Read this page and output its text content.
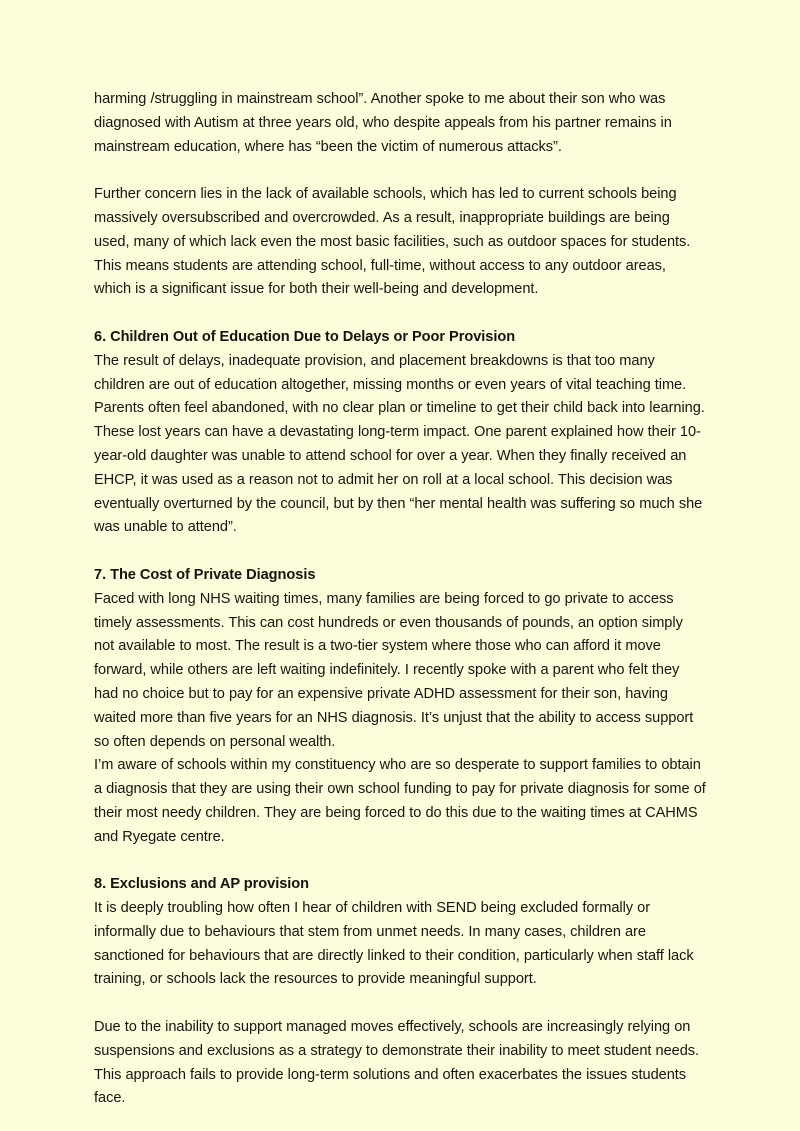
harming /struggling in mainstream school”. Another spoke to me about their son who was diagnosed with Autism at three years old, who despite appeals from his partner remains in mainstream education, where has “been the victim of numerous attacks”.

Further concern lies in the lack of available schools, which has led to current schools being massively oversubscribed and overcrowded. As a result, inappropriate buildings are being used, many of which lack even the most basic facilities, such as outdoor spaces for students. This means students are attending school, full-time, without access to any outdoor areas, which is a significant issue for both their well-being and development.

6. Children Out of Education Due to Delays or Poor Provision

The result of delays, inadequate provision, and placement breakdowns is that too many children are out of education altogether, missing months or even years of vital teaching time. Parents often feel abandoned, with no clear plan or timeline to get their child back into learning. These lost years can have a devastating long-term impact. One parent explained how their 10-year-old daughter was unable to attend school for over a year. When they finally received an EHCP, it was used as a reason not to admit her on roll at a local school. This decision was eventually overturned by the council, but by then “her mental health was suffering so much she was unable to attend”.

7. The Cost of Private Diagnosis

Faced with long NHS waiting times, many families are being forced to go private to access timely assessments. This can cost hundreds or even thousands of pounds, an option simply not available to most. The result is a two-tier system where those who can afford it move forward, while others are left waiting indefinitely. I recently spoke with a parent who felt they had no choice but to pay for an expensive private ADHD assessment for their son, having waited more than five years for an NHS diagnosis. It’s unjust that the ability to access support so often depends on personal wealth.

I’m aware of schools within my constituency who are so desperate to support families to obtain a diagnosis that they are using their own school funding to pay for private diagnosis for some of their most needy children. They are being forced to do this due to the waiting times at CAHMS and Ryegate centre.

8. Exclusions and AP provision

It is deeply troubling how often I hear of children with SEND being excluded formally or informally due to behaviours that stem from unmet needs. In many cases, children are sanctioned for behaviours that are directly linked to their condition, particularly when staff lack training, or schools lack the resources to provide meaningful support.

Due to the inability to support managed moves effectively, schools are increasingly relying on suspensions and exclusions as a strategy to demonstrate their inability to meet student needs. This approach fails to provide long-term solutions and often exacerbates the issues students face.
